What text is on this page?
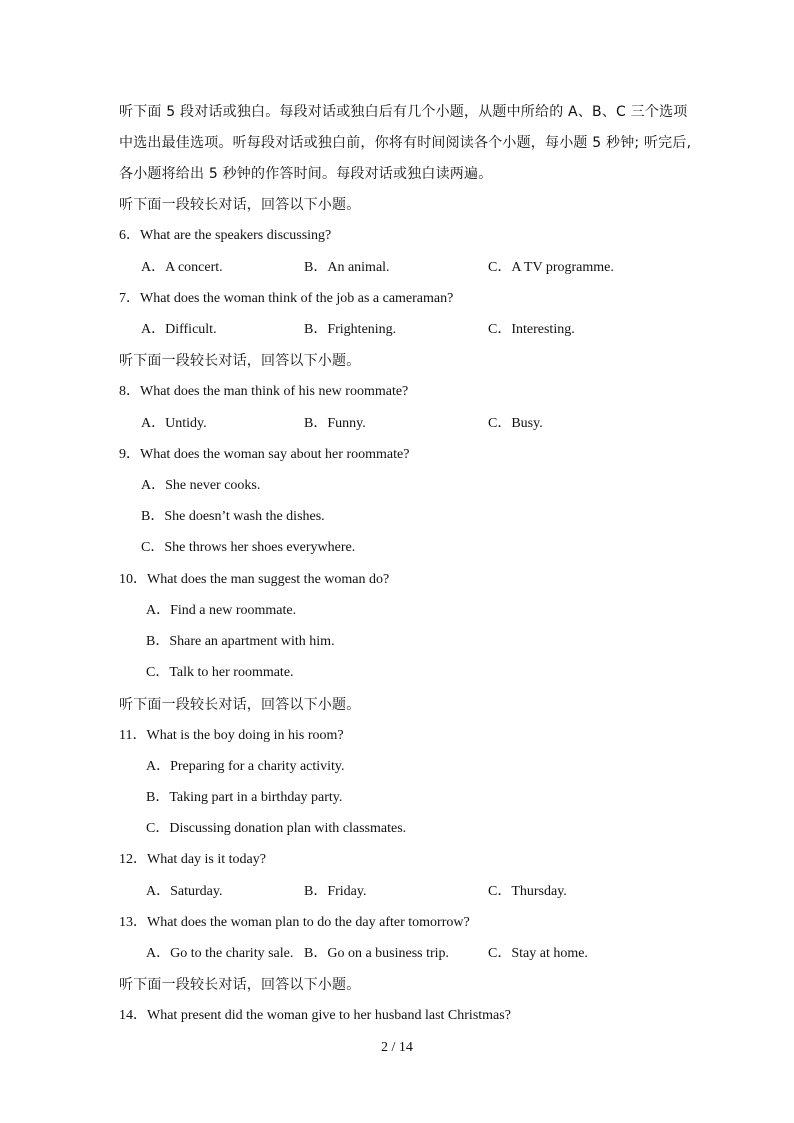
听下面 5 段对话或独白。每段对话或独白后有几个小题，从题中所给的 A、B、C 三个选项
中选出最佳选项。听每段对话或独白前，你将有时间阅读各个小题，每小题 5 秒钟; 听完后,
各小题将给出 5 秒钟的作答时间。每段对话或独白读两遍。
听下面一段较长对话，回答以下小题。
6．What are the speakers discussing?
A．A concert.	B．An animal.	C．A TV programme.
7．What does the woman think of the job as a cameraman?
A．Difficult.	B．Frightening.	C．Interesting.
听下面一段较长对话，回答以下小题。
8．What does the man think of his new roommate?
A．Untidy.	B．Funny.	C．Busy.
9．What does the woman say about her roommate?
A．She never cooks.
B．She doesn’t wash the dishes.
C．She throws her shoes everywhere.
10．What does the man suggest the woman do?
A．Find a new roommate.
B．Share an apartment with him.
C．Talk to her roommate.
听下面一段较长对话，回答以下小题。
11．What is the boy doing in his room?
A．Preparing for a charity activity.
B．Taking part in a birthday party.
C．Discussing donation plan with classmates.
12．What day is it today?
A．Saturday.	B．Friday.	C．Thursday.
13．What does the woman plan to do the day after tomorrow?
A．Go to the charity sale. B．Go on a business trip.	C．Stay at home.
听下面一段较长对话，回答以下小题。
14．What present did the woman give to her husband last Christmas?
2 / 14
